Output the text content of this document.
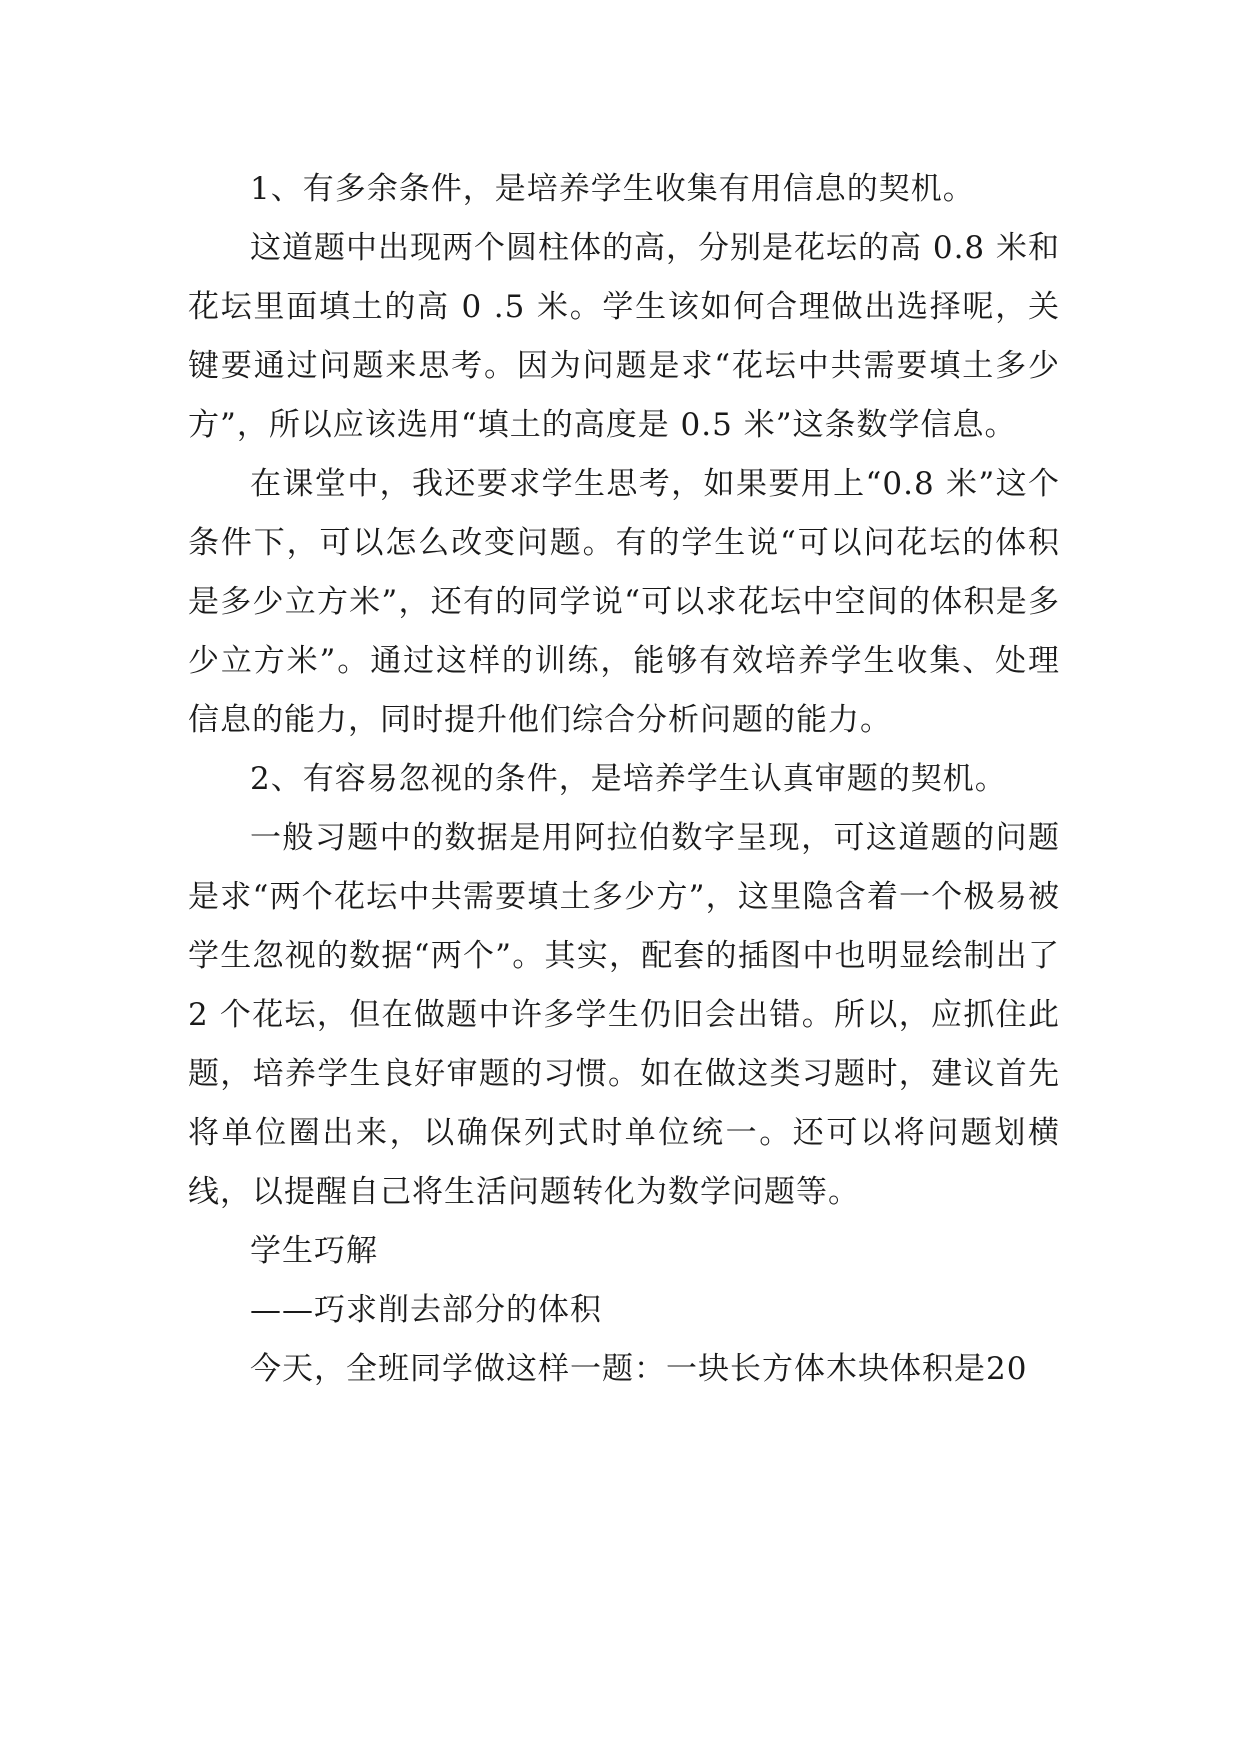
1、有多余条件，是培养学生收集有用信息的契机。

这道题中出现两个圆柱体的高，分别是花坛的高 0.8 米和花坛里面填土的高 0 .5 米。学生该如何合理做出选择呢，关键要通过问题来思考。因为问题是求“花坛中共需要填土多少方”，所以应该选用“填土的高度是 0.5 米”这条数学信息。

在课堂中，我还要求学生思考，如果要用上“0.8 米”这个条件下，可以怎么改变问题。有的学生说“可以问花坛的体积是多少立方米”，还有的同学说“可以求花坛中空间的体积是多少立方米”。通过这样的训练，能够有效培养学生收集、处理信息的能力，同时提升他们综合分析问题的能力。

2、有容易忽视的条件，是培养学生认真审题的契机。

一般习题中的数据是用阿拉伯数字呈现，可这道题的问题是求“两个花坛中共需要填土多少方”，这里隐含着一个极易被学生忽视的数据“两个”。其实，配套的插图中也明显绘制出了 2 个花坛，但在做题中许多学生仍旧会出错。所以，应抓住此题，培养学生良好审题的习惯。如在做这类习题时，建议首先将单位圈出来，以确保列式时单位统一。还可以将问题划横线，以提醒自己将生活问题转化为数学问题等。

学生巧解

——巧求削去部分的体积

今天，全班同学做这样一题：一块长方体木块体积是20
